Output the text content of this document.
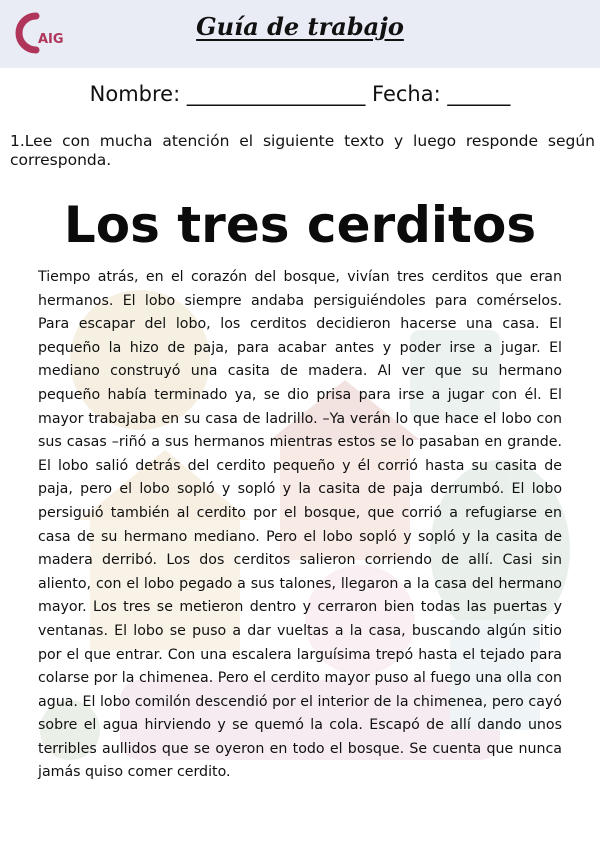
AIG	Guía de trabajo
Nombre: _________________ Fecha: ______
1.Lee con mucha atención el siguiente texto y luego responde según corresponda.
Los tres cerditos
Tiempo atrás, en el corazón del bosque, vivían tres cerditos que eran hermanos. El lobo siempre andaba persiguiéndoles para comérselos. Para escapar del lobo, los cerditos decidieron hacerse una casa. El pequeño la hizo de paja, para acabar antes y poder irse a jugar. El mediano construyó una casita de madera. Al ver que su hermano pequeño había terminado ya, se dio prisa para irse a jugar con él. El mayor trabajaba en su casa de ladrillo. –Ya verán lo que hace el lobo con sus casas –riñó a sus hermanos mientras estos se lo pasaban en grande. El lobo salió detrás del cerdito pequeño y él corrió hasta su casita de paja, pero el lobo sopló y sopló y la casita de paja derrumbó. El lobo persiguió también al cerdito por el bosque, que corrió a refugiarse en casa de su hermano mediano. Pero el lobo sopló y sopló y la casita de madera derribó. Los dos cerditos salieron corriendo de allí. Casi sin aliento, con el lobo pegado a sus talones, llegaron a la casa del hermano mayor. Los tres se metieron dentro y cerraron bien todas las puertas y ventanas. El lobo se puso a dar vueltas a la casa, buscando algún sitio por el que entrar. Con una escalera larguísima trepó hasta el tejado para colarse por la chimenea. Pero el cerdito mayor puso al fuego una olla con agua. El lobo comilón descendió por el interior de la chimenea, pero cayó sobre el agua hirviendo y se quemó la cola. Escapó de allí dando unos terribles aullidos que se oyeron en todo el bosque. Se cuenta que nunca jamás quiso comer cerdito.
